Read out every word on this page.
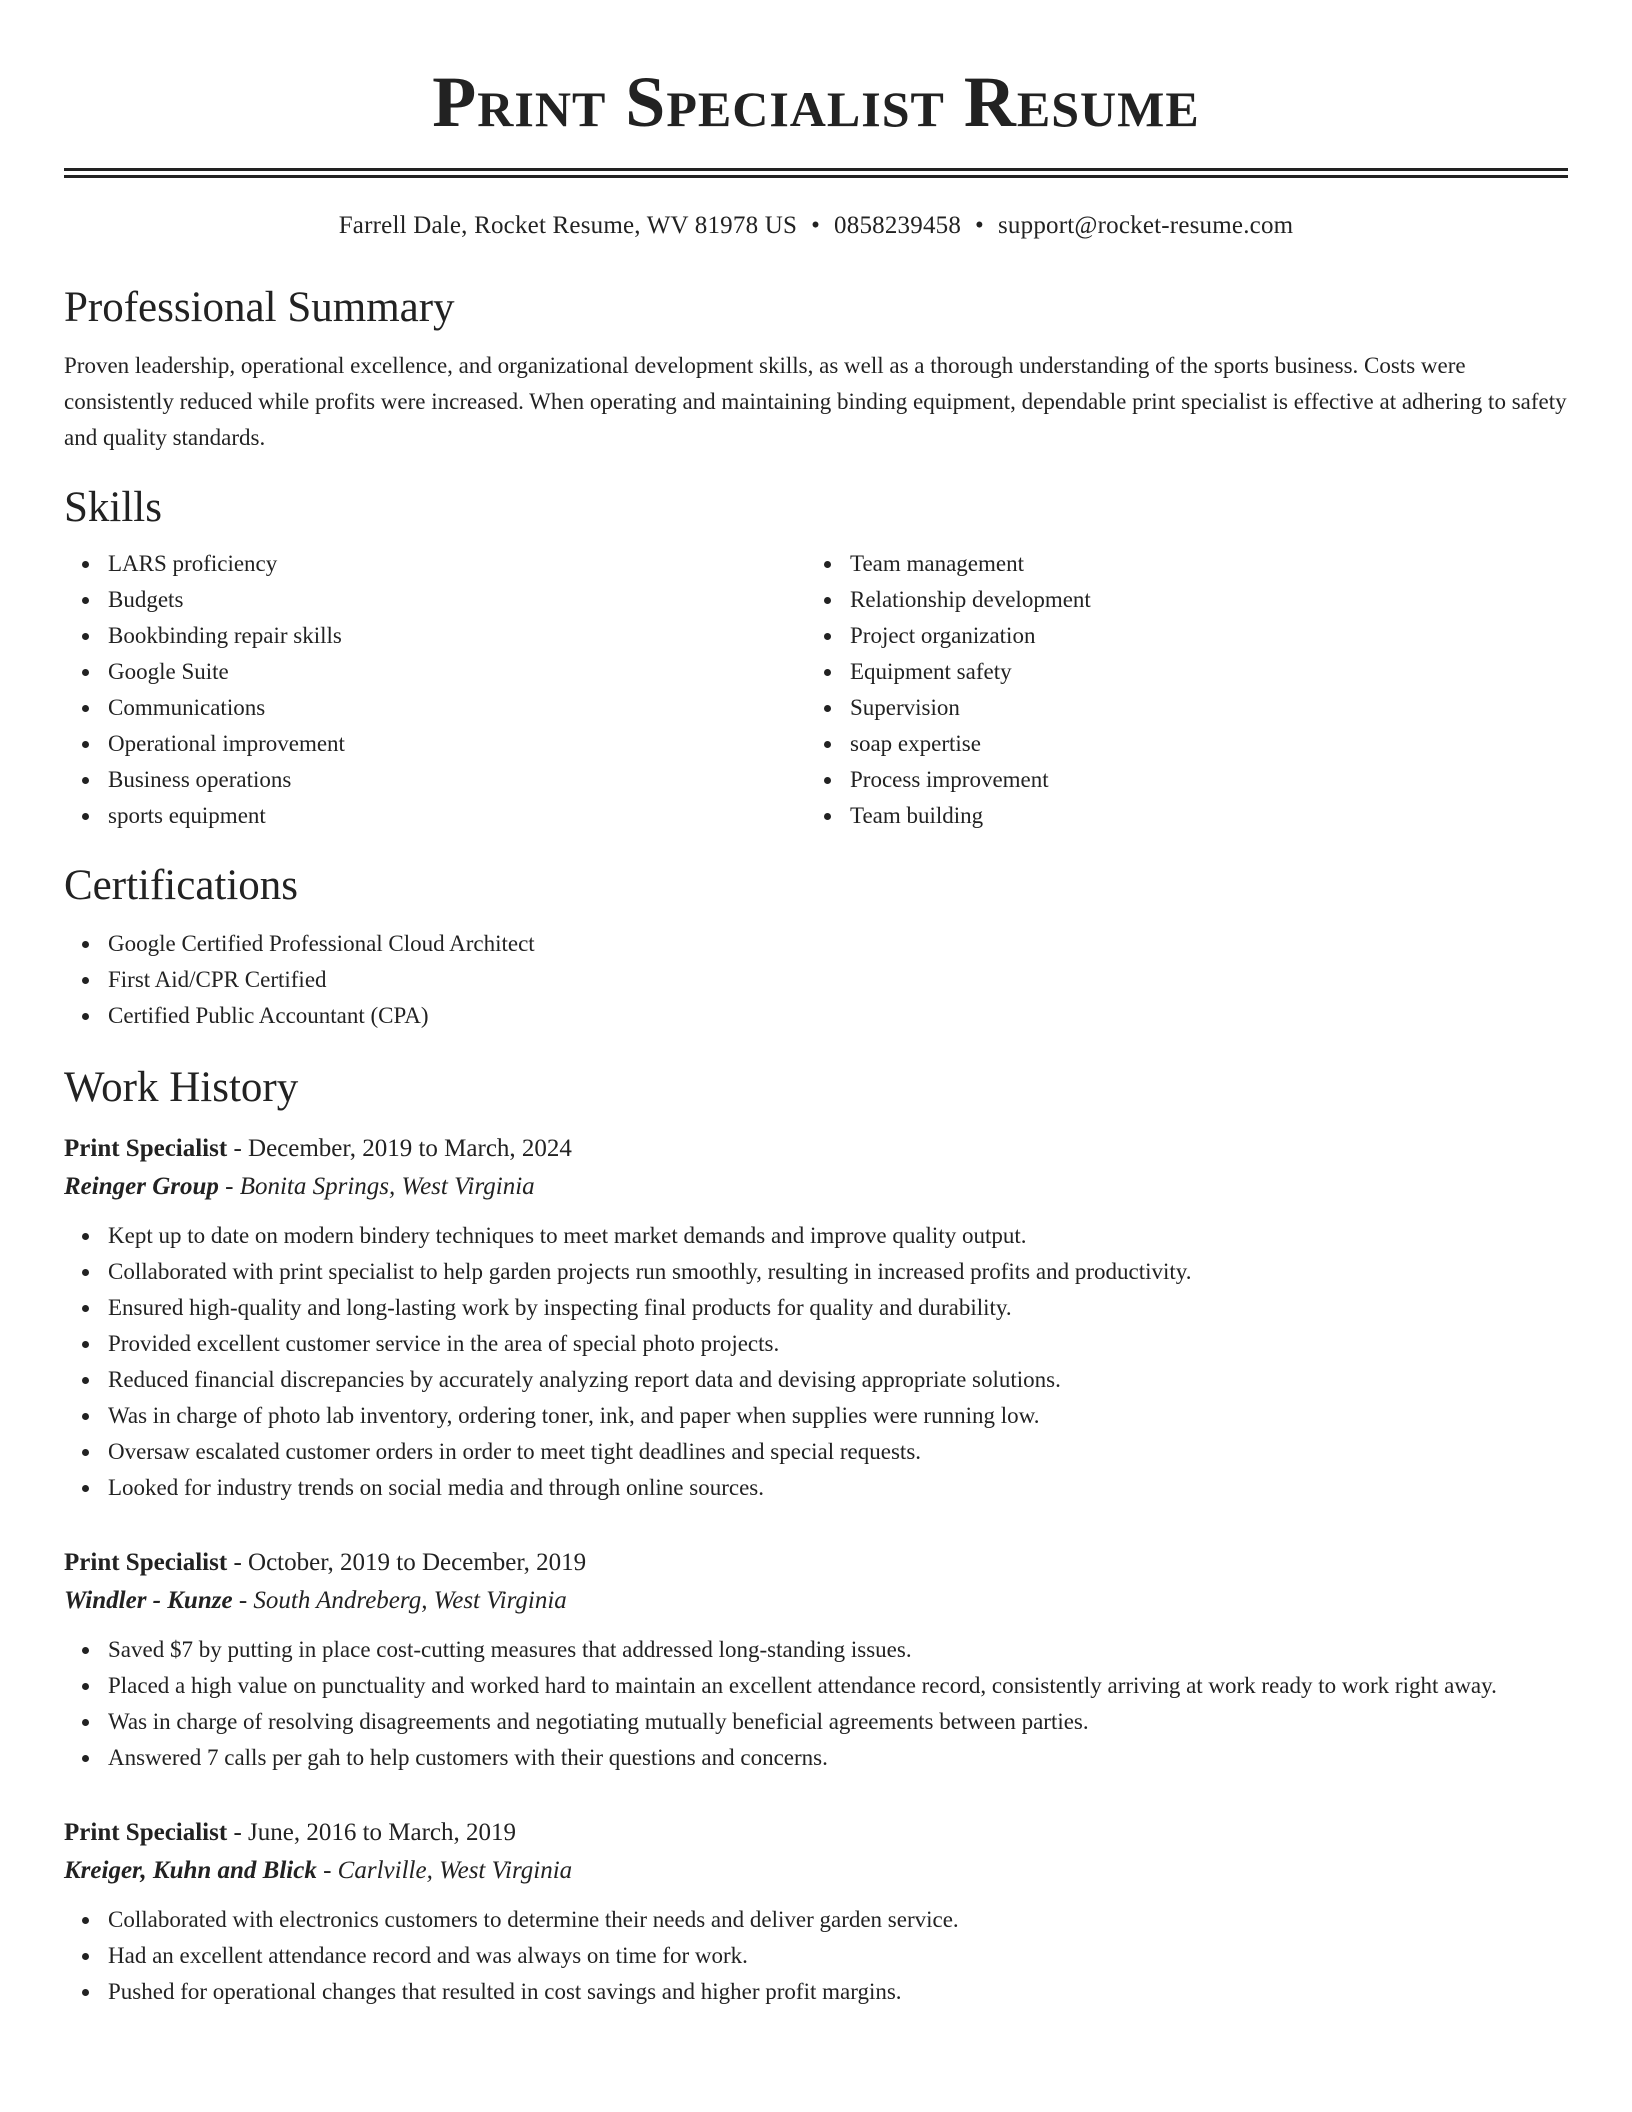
Print Specialist Resume
Farrell Dale, Rocket Resume, WV 81978 US • 0858239458 • support@rocket-resume.com
Professional Summary

Proven leadership, operational excellence, and organizational development skills, as well as a thorough understanding of the sports business. Costs were consistently reduced while profits were increased. When operating and maintaining binding equipment, dependable print specialist is effective at adhering to safety and quality standards.

Skills
LARS proficiency
Budgets
Bookbinding repair skills
Google Suite
Communications
Operational improvement
Business operations
sports equipment
Team management
Relationship development
Project organization
Equipment safety
Supervision
soap expertise
Process improvement
Team building
Certifications
Google Certified Professional Cloud Architect
First Aid/CPR Certified
Certified Public Accountant (CPA)
Work History
Print Specialist - December, 2019 to March, 2024
Reinger Group - Bonita Springs, West Virginia
Kept up to date on modern bindery techniques to meet market demands and improve quality output.
Collaborated with print specialist to help garden projects run smoothly, resulting in increased profits and productivity.
Ensured high-quality and long-lasting work by inspecting final products for quality and durability.
Provided excellent customer service in the area of special photo projects.
Reduced financial discrepancies by accurately analyzing report data and devising appropriate solutions.
Was in charge of photo lab inventory, ordering toner, ink, and paper when supplies were running low.
Oversaw escalated customer orders in order to meet tight deadlines and special requests.
Looked for industry trends on social media and through online sources.
Print Specialist - October, 2019 to December, 2019
Windler - Kunze - South Andreberg, West Virginia
Saved $7 by putting in place cost-cutting measures that addressed long-standing issues.
Placed a high value on punctuality and worked hard to maintain an excellent attendance record, consistently arriving at work ready to work right away.
Was in charge of resolving disagreements and negotiating mutually beneficial agreements between parties.
Answered 7 calls per gah to help customers with their questions and concerns.
Print Specialist - June, 2016 to March, 2019
Kreiger, Kuhn and Blick - Carlville, West Virginia
Collaborated with electronics customers to determine their needs and deliver garden service.
Had an excellent attendance record and was always on time for work.
Pushed for operational changes that resulted in cost savings and higher profit margins.
